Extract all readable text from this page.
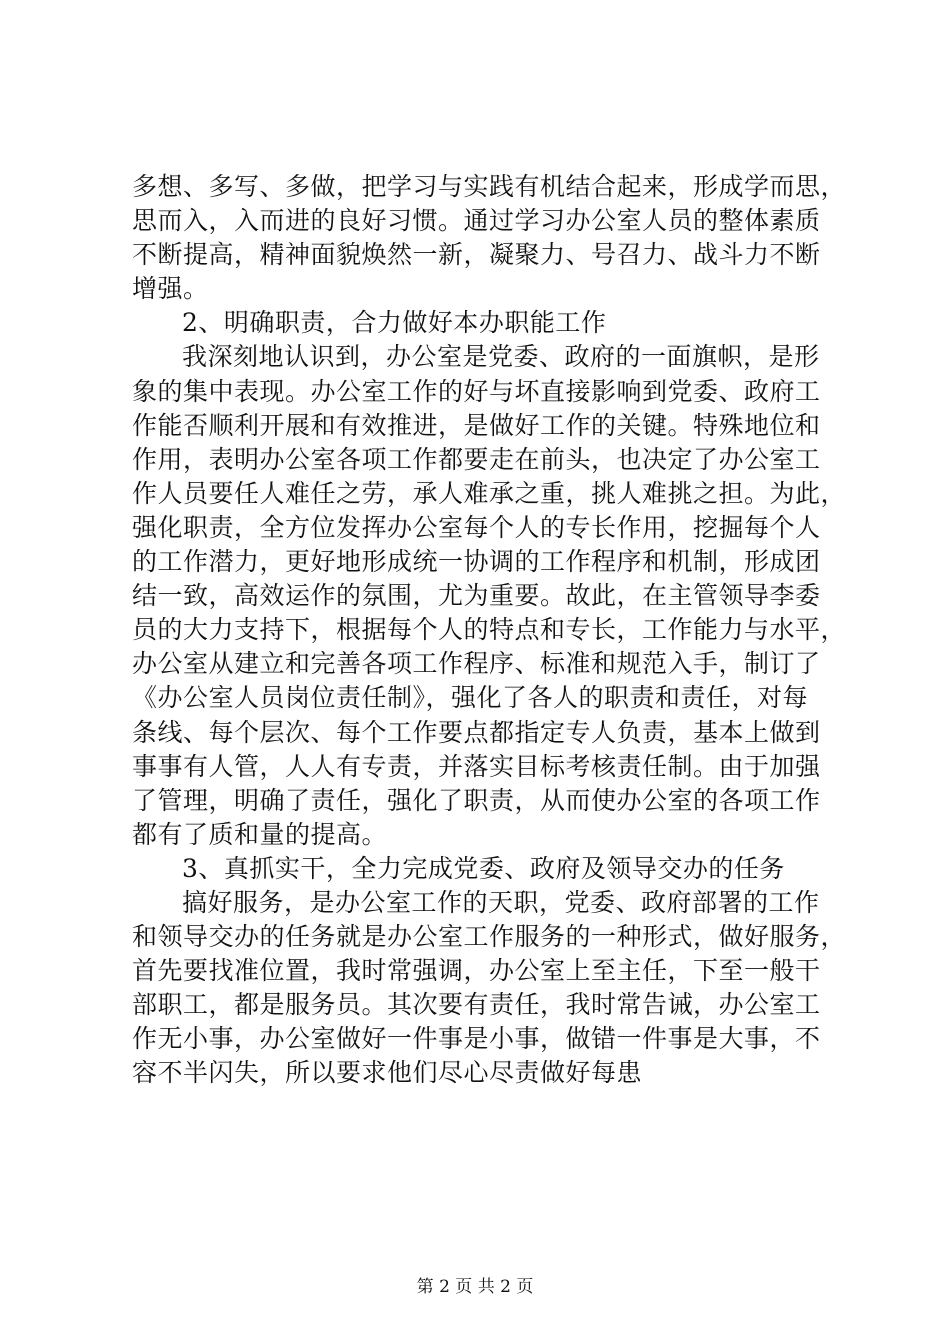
多想、多写、多做，把学习与实践有机结合起来，形成学而思，
思而入，入而进的良好习惯。通过学习办公室人员的整体素质
不断提高，精神面貌焕然一新，凝聚力、号召力、战斗力不断
增强。
2、明确职责，合力做好本办职能工作
我深刻地认识到，办公室是党委、政府的一面旗帜，是形
象的集中表现。办公室工作的好与坏直接影响到党委、政府工
作能否顺利开展和有效推进，是做好工作的关键。特殊地位和
作用，表明办公室各项工作都要走在前头，也决定了办公室工
作人员要任人难任之劳，承人难承之重，挑人难挑之担。为此，
强化职责，全方位发挥办公室每个人的专长作用，挖掘每个人
的工作潜力，更好地形成统一协调的工作程序和机制，形成团
结一致，高效运作的氛围，尤为重要。故此，在主管领导李委
员的大力支持下，根据每个人的特点和专长，工作能力与水平，
办公室从建立和完善各项工作程序、标准和规范入手，制订了
《办公室人员岗位责任制》，强化了各人的职责和责任，对每
条线、每个层次、每个工作要点都指定专人负责，基本上做到
事事有人管，人人有专责，并落实目标考核责任制。由于加强
了管理，明确了责任，强化了职责，从而使办公室的各项工作
都有了质和量的提高。
3、真抓实干，全力完成党委、政府及领导交办的任务
搞好服务，是办公室工作的天职，党委、政府部署的工作
和领导交办的任务就是办公室工作服务的一种形式，做好服务，
首先要找准位置，我时常强调，办公室上至主任，下至一般干
部职工，都是服务员。其次要有责任，我时常告诫，办公室工
作无小事，办公室做好一件事是小事，做错一件事是大事，不
容不半闪失，所以要求他们尽心尽责做好每患
第 2 页 共 2 页
